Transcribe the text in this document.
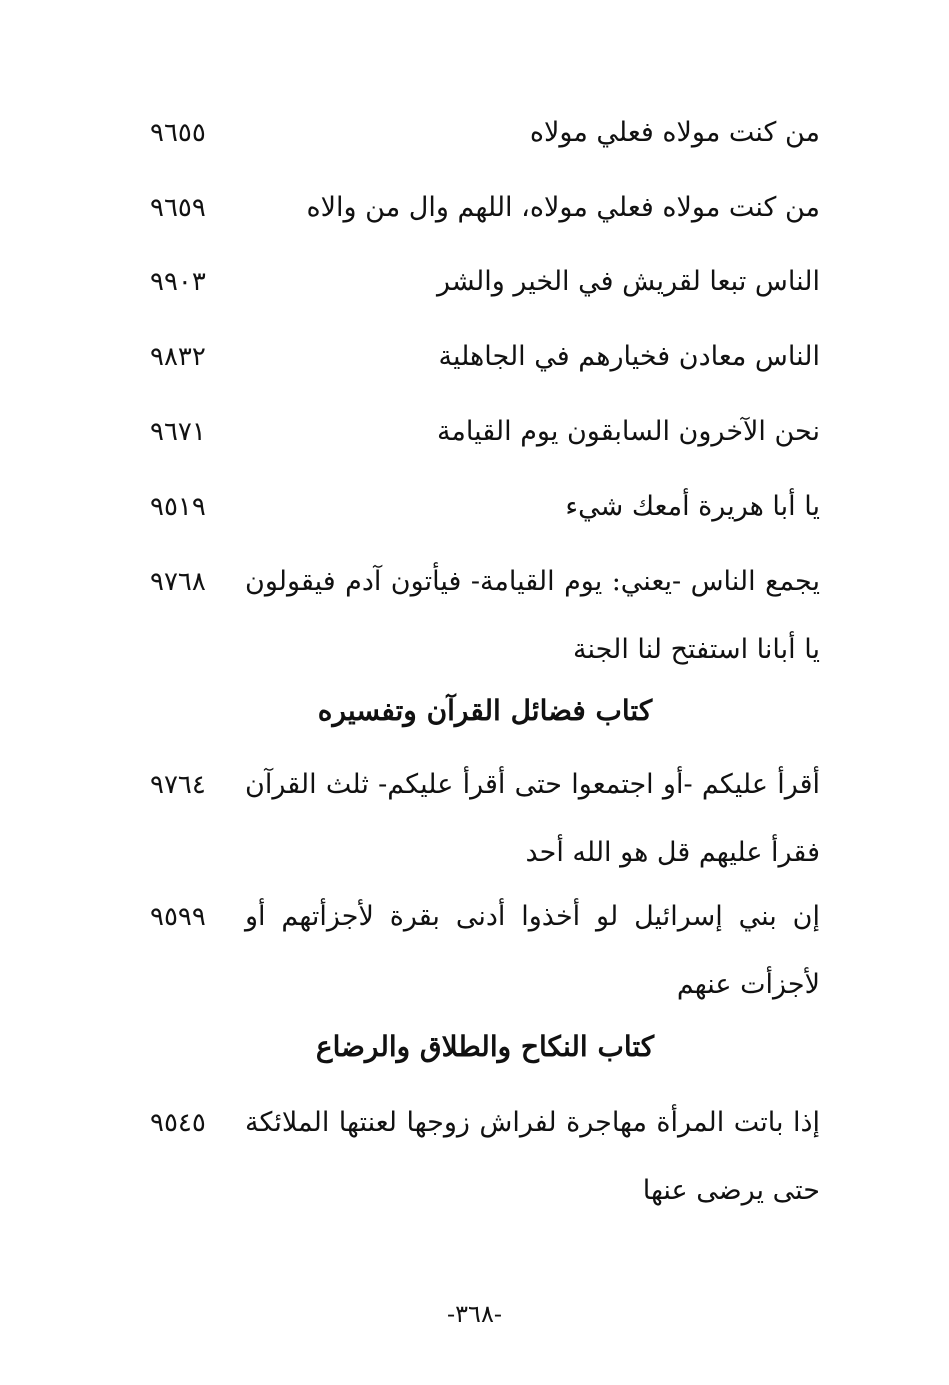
من كنت مولاه فعلي مولاه
٩٦٥٥
من كنت مولاه فعلي مولاه، اللهم وال من والاه
٩٦٥٩
الناس تبعا لقريش في الخير والشر
٩٩٠٣
الناس معادن فخيارهم في الجاهلية
٩٨٣٢
نحن الآخرون السابقون يوم القيامة
٩٦٧١
يا أبا هريرة أمعك شيء
٩٥١٩
يجمع الناس -يعني: يوم القيامة- فيأتون آدم فيقولون يا أبانا استفتح لنا الجنة
٩٧٦٨
كتاب فضائل القرآن وتفسيره
أقرأ عليكم -أو اجتمعوا حتى أقرأ عليكم- ثلث القرآن فقرأ عليهم قل هو الله أحد
٩٧٦٤
إن بني إسرائيل لو أخذوا أدنى بقرة لأجزأتهم أو لأجزأت عنهم
٩٥٩٩
كتاب النكاح والطلاق والرضاع
إذا باتت المرأة مهاجرة لفراش زوجها لعنتها الملائكة حتى يرضى عنها
٩٥٤٥
-٣٦٨-
